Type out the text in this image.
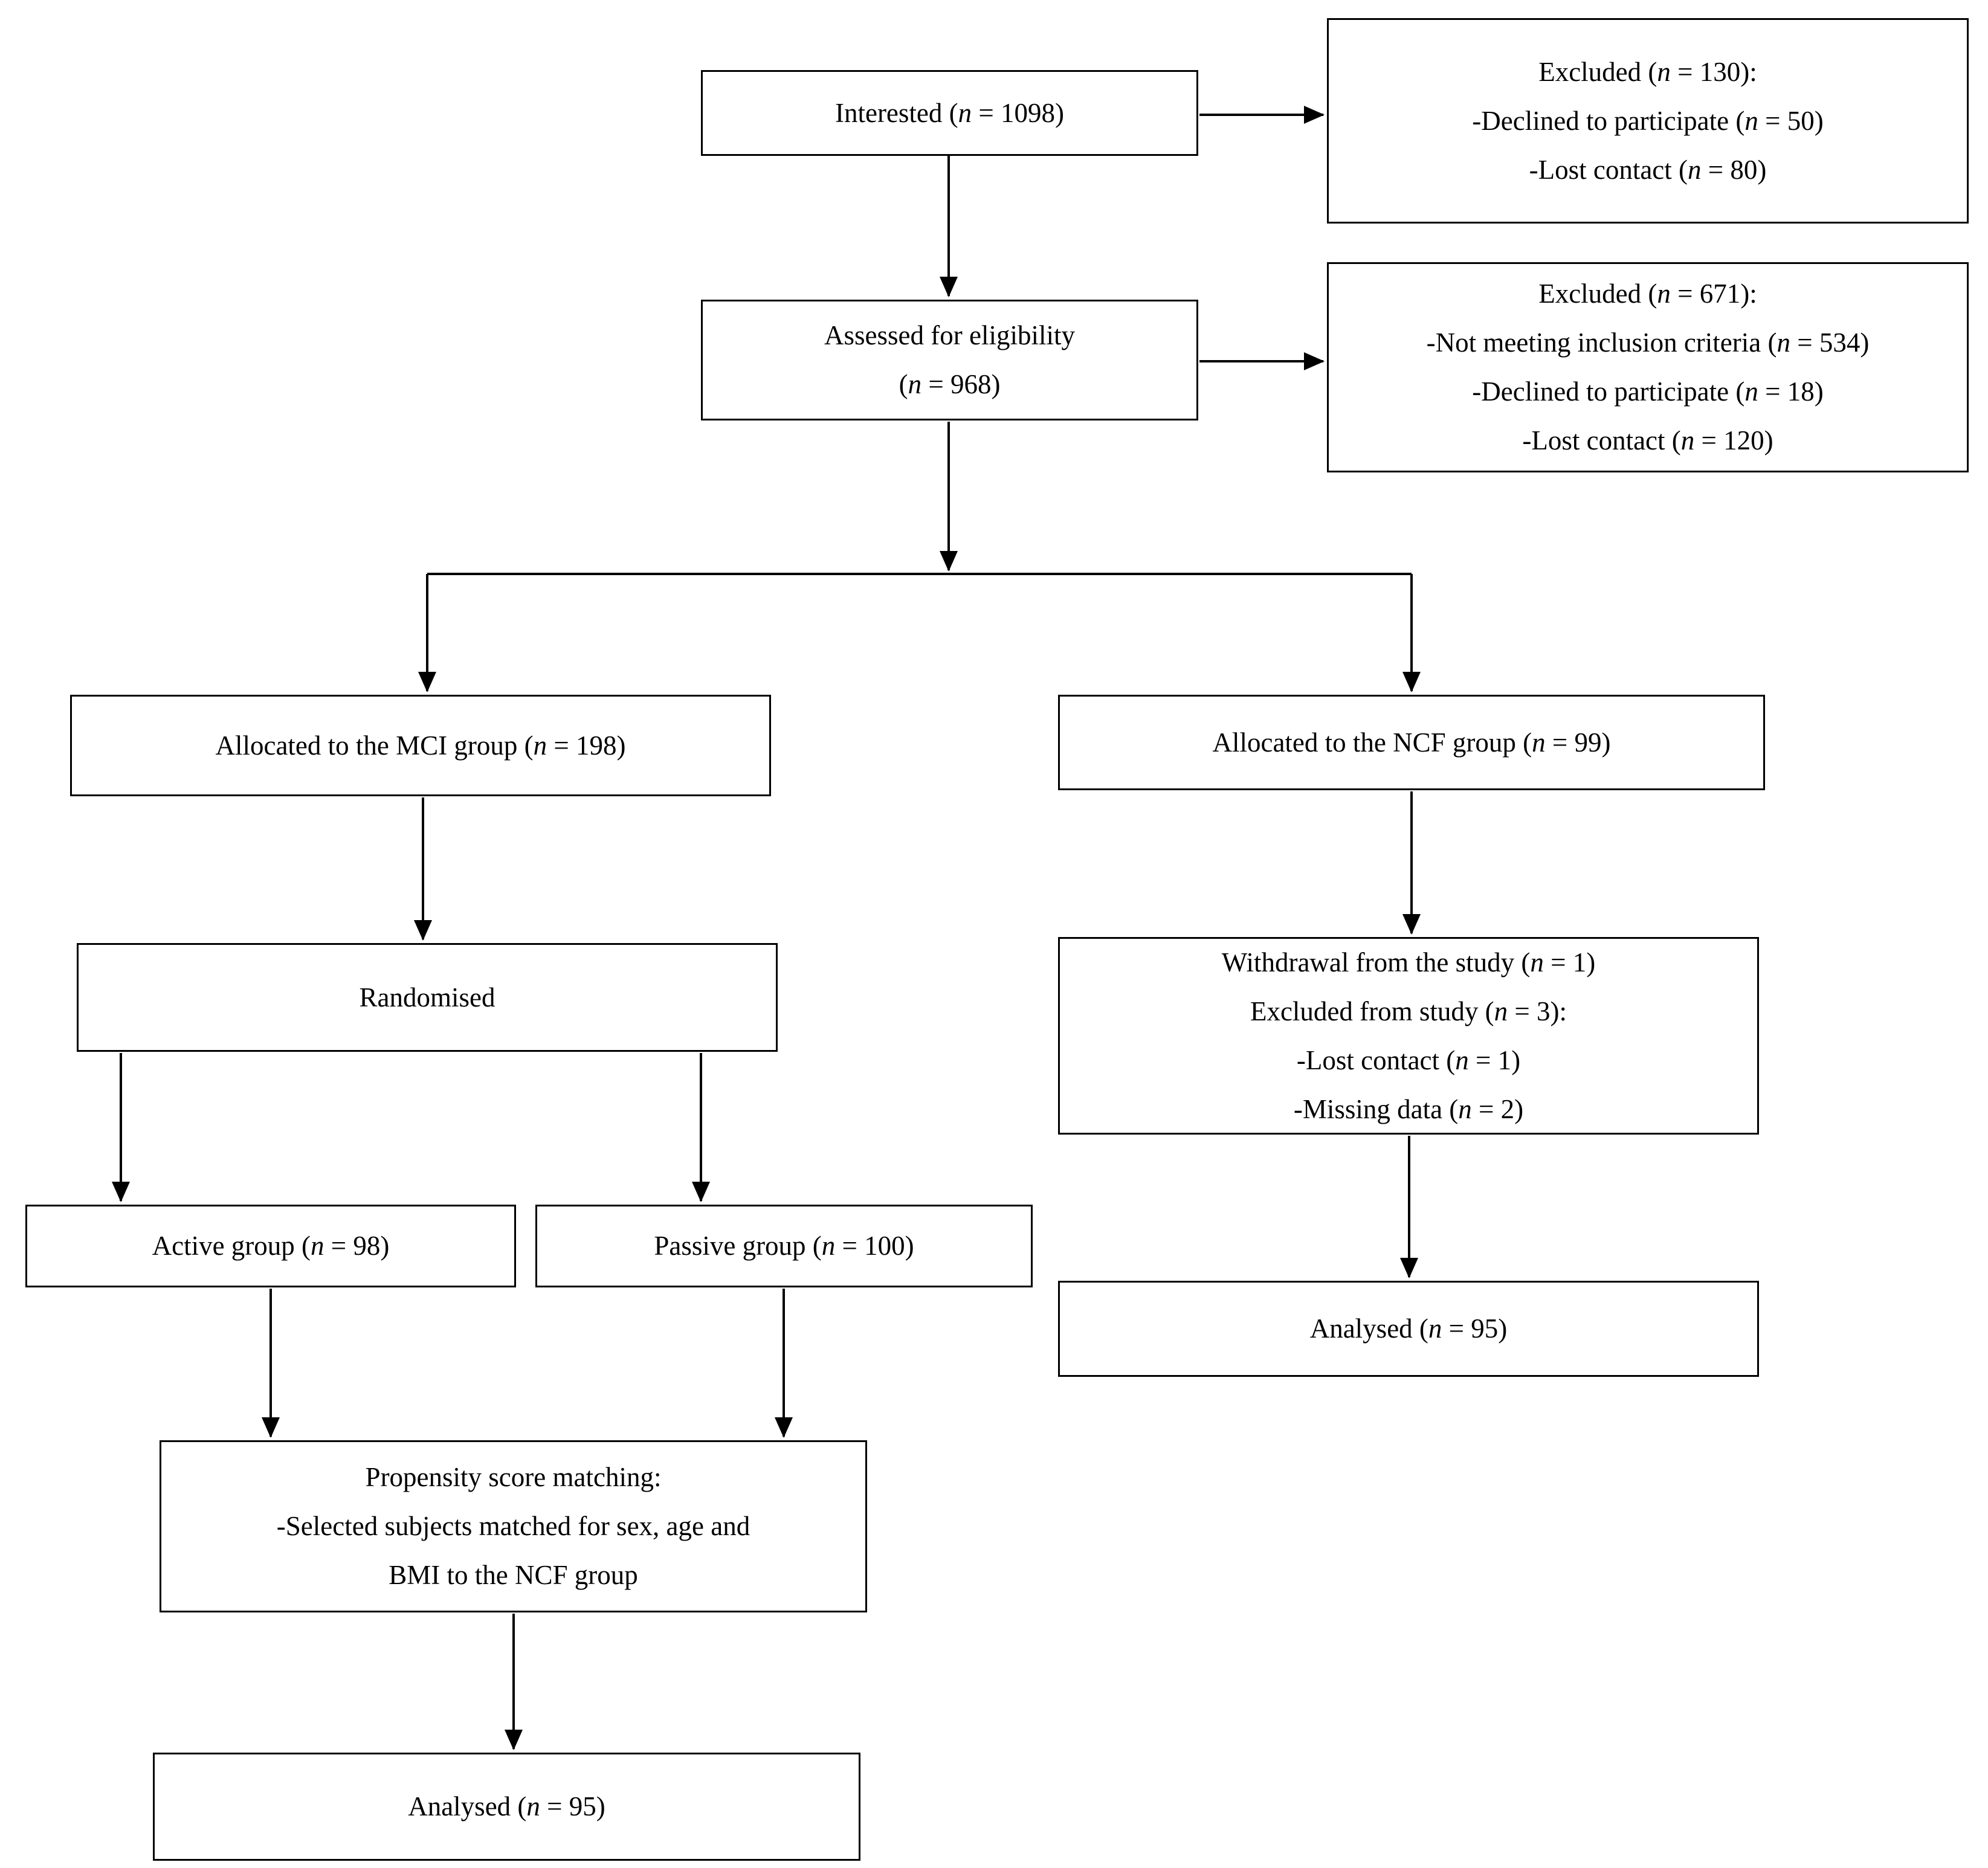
Interested (n = 1098)
Excluded (n = 130):
-Declined to participate (n = 50)
-Lost contact (n = 80)
Assessed for eligibility
(n = 968)
Excluded (n = 671):
-Not meeting inclusion criteria (n = 534)
-Declined to participate (n = 18)
-Lost contact (n = 120)
Allocated to the MCI group (n = 198)	Allocated to the NCF group (n = 99)
Randomised
Withdrawal from the study (n = 1)
Excluded from study (n = 3):
-Lost contact (n = 1)
-Missing data (n = 2)
Active group (n = 98)	Passive group (n = 100)
Analysed (n = 95)
Propensity score matching:
-Selected subjects matched for sex, age and
BMI to the NCF group
Analysed (n = 95)
